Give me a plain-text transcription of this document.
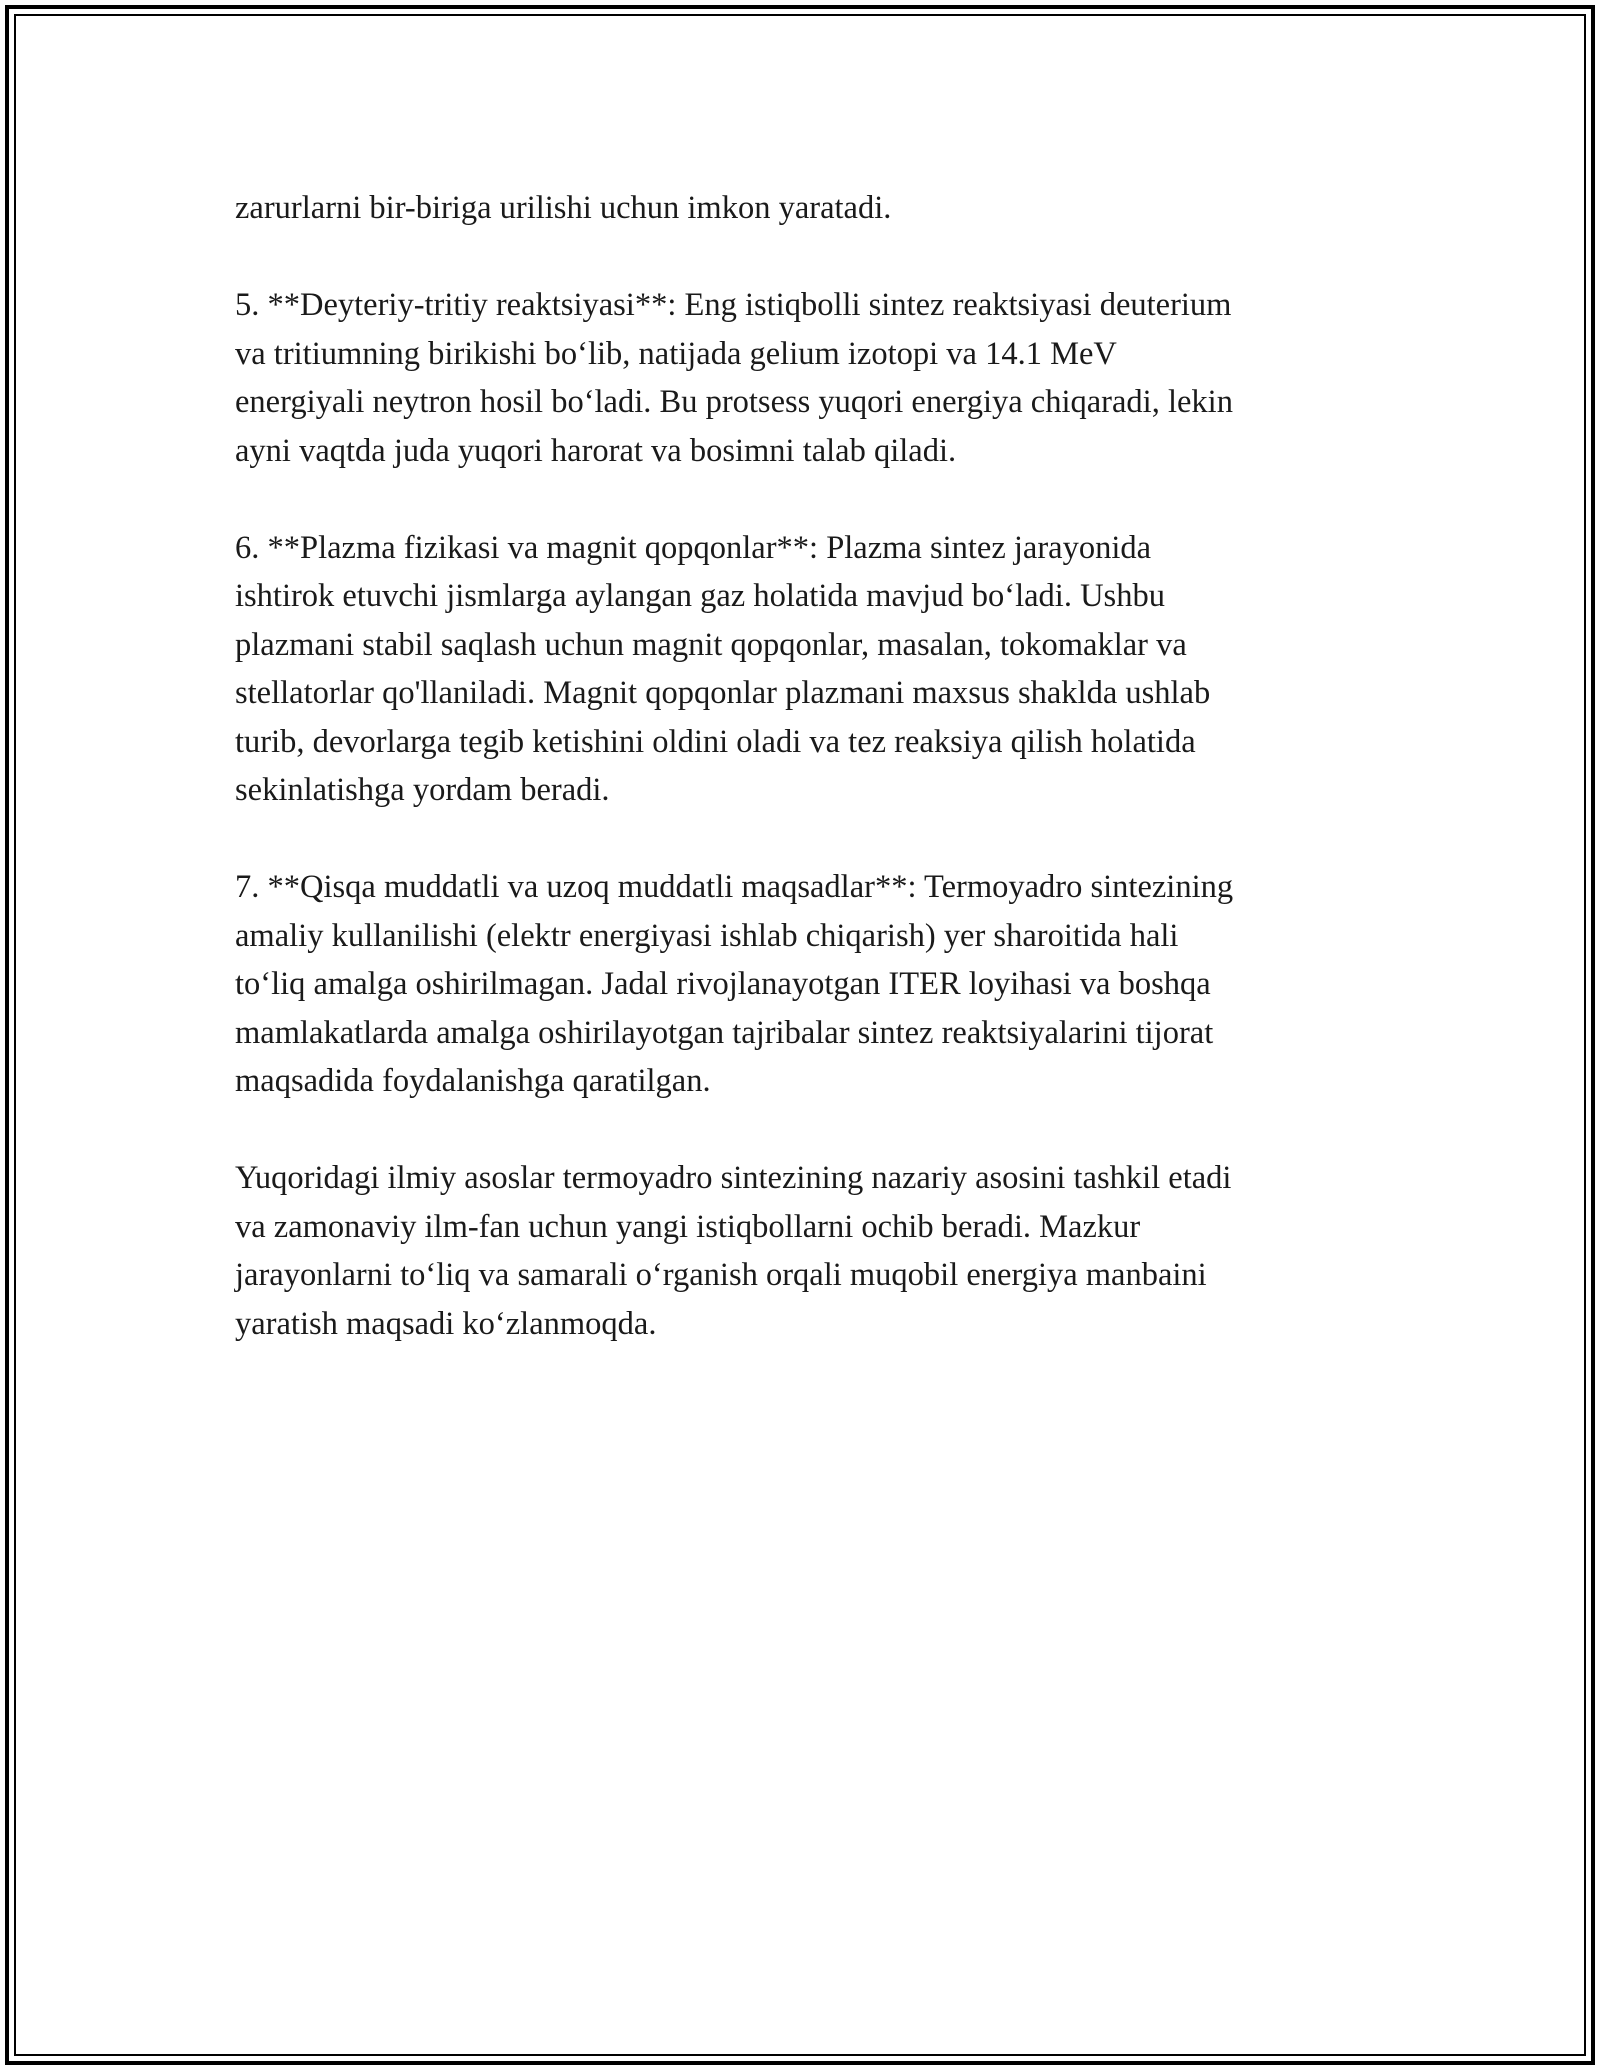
zarurlarni bir-biriga urilishi uchun imkon yaratadi.

5. **Deyteriy-tritiy reaktsiyasi**: Eng istiqbolli sintez reaktsiyasi deuterium
va tritiumning birikishi bo‘lib, natijada gelium izotopi va 14.1 MeV
energiyali neytron hosil bo‘ladi. Bu protsess yuqori energiya chiqaradi, lekin
ayni vaqtda juda yuqori harorat va bosimni talab qiladi.

6. **Plazma fizikasi va magnit qopqonlar**: Plazma sintez jarayonida
ishtirok etuvchi jismlarga aylangan gaz holatida mavjud bo‘ladi. Ushbu
plazmani stabil saqlash uchun magnit qopqonlar, masalan, tokomaklar va
stellatorlar qo'llaniladi. Magnit qopqonlar plazmani maxsus shaklda ushlab
turib, devorlarga tegib ketishini oldini oladi va tez reaksiya qilish holatida
sekinlatishga yordam beradi.

7. **Qisqa muddatli va uzoq muddatli maqsadlar**: Termoyadro sintezining
amaliy kullanilishi (elektr energiyasi ishlab chiqarish) yer sharoitida hali
to‘liq amalga oshirilmagan. Jadal rivojlanayotgan ITER loyihasi va boshqa
mamlakatlarda amalga oshirilayotgan tajribalar sintez reaktsiyalarini tijorat
maqsadida foydalanishga qaratilgan.

Yuqoridagi ilmiy asoslar termoyadro sintezining nazariy asosini tashkil etadi
va zamonaviy ilm-fan uchun yangi istiqbollarni ochib beradi. Mazkur
jarayonlarni to‘liq va samarali o‘rganish orqali muqobil energiya manbaini
yaratish maqsadi ko‘zlanmoqda.
